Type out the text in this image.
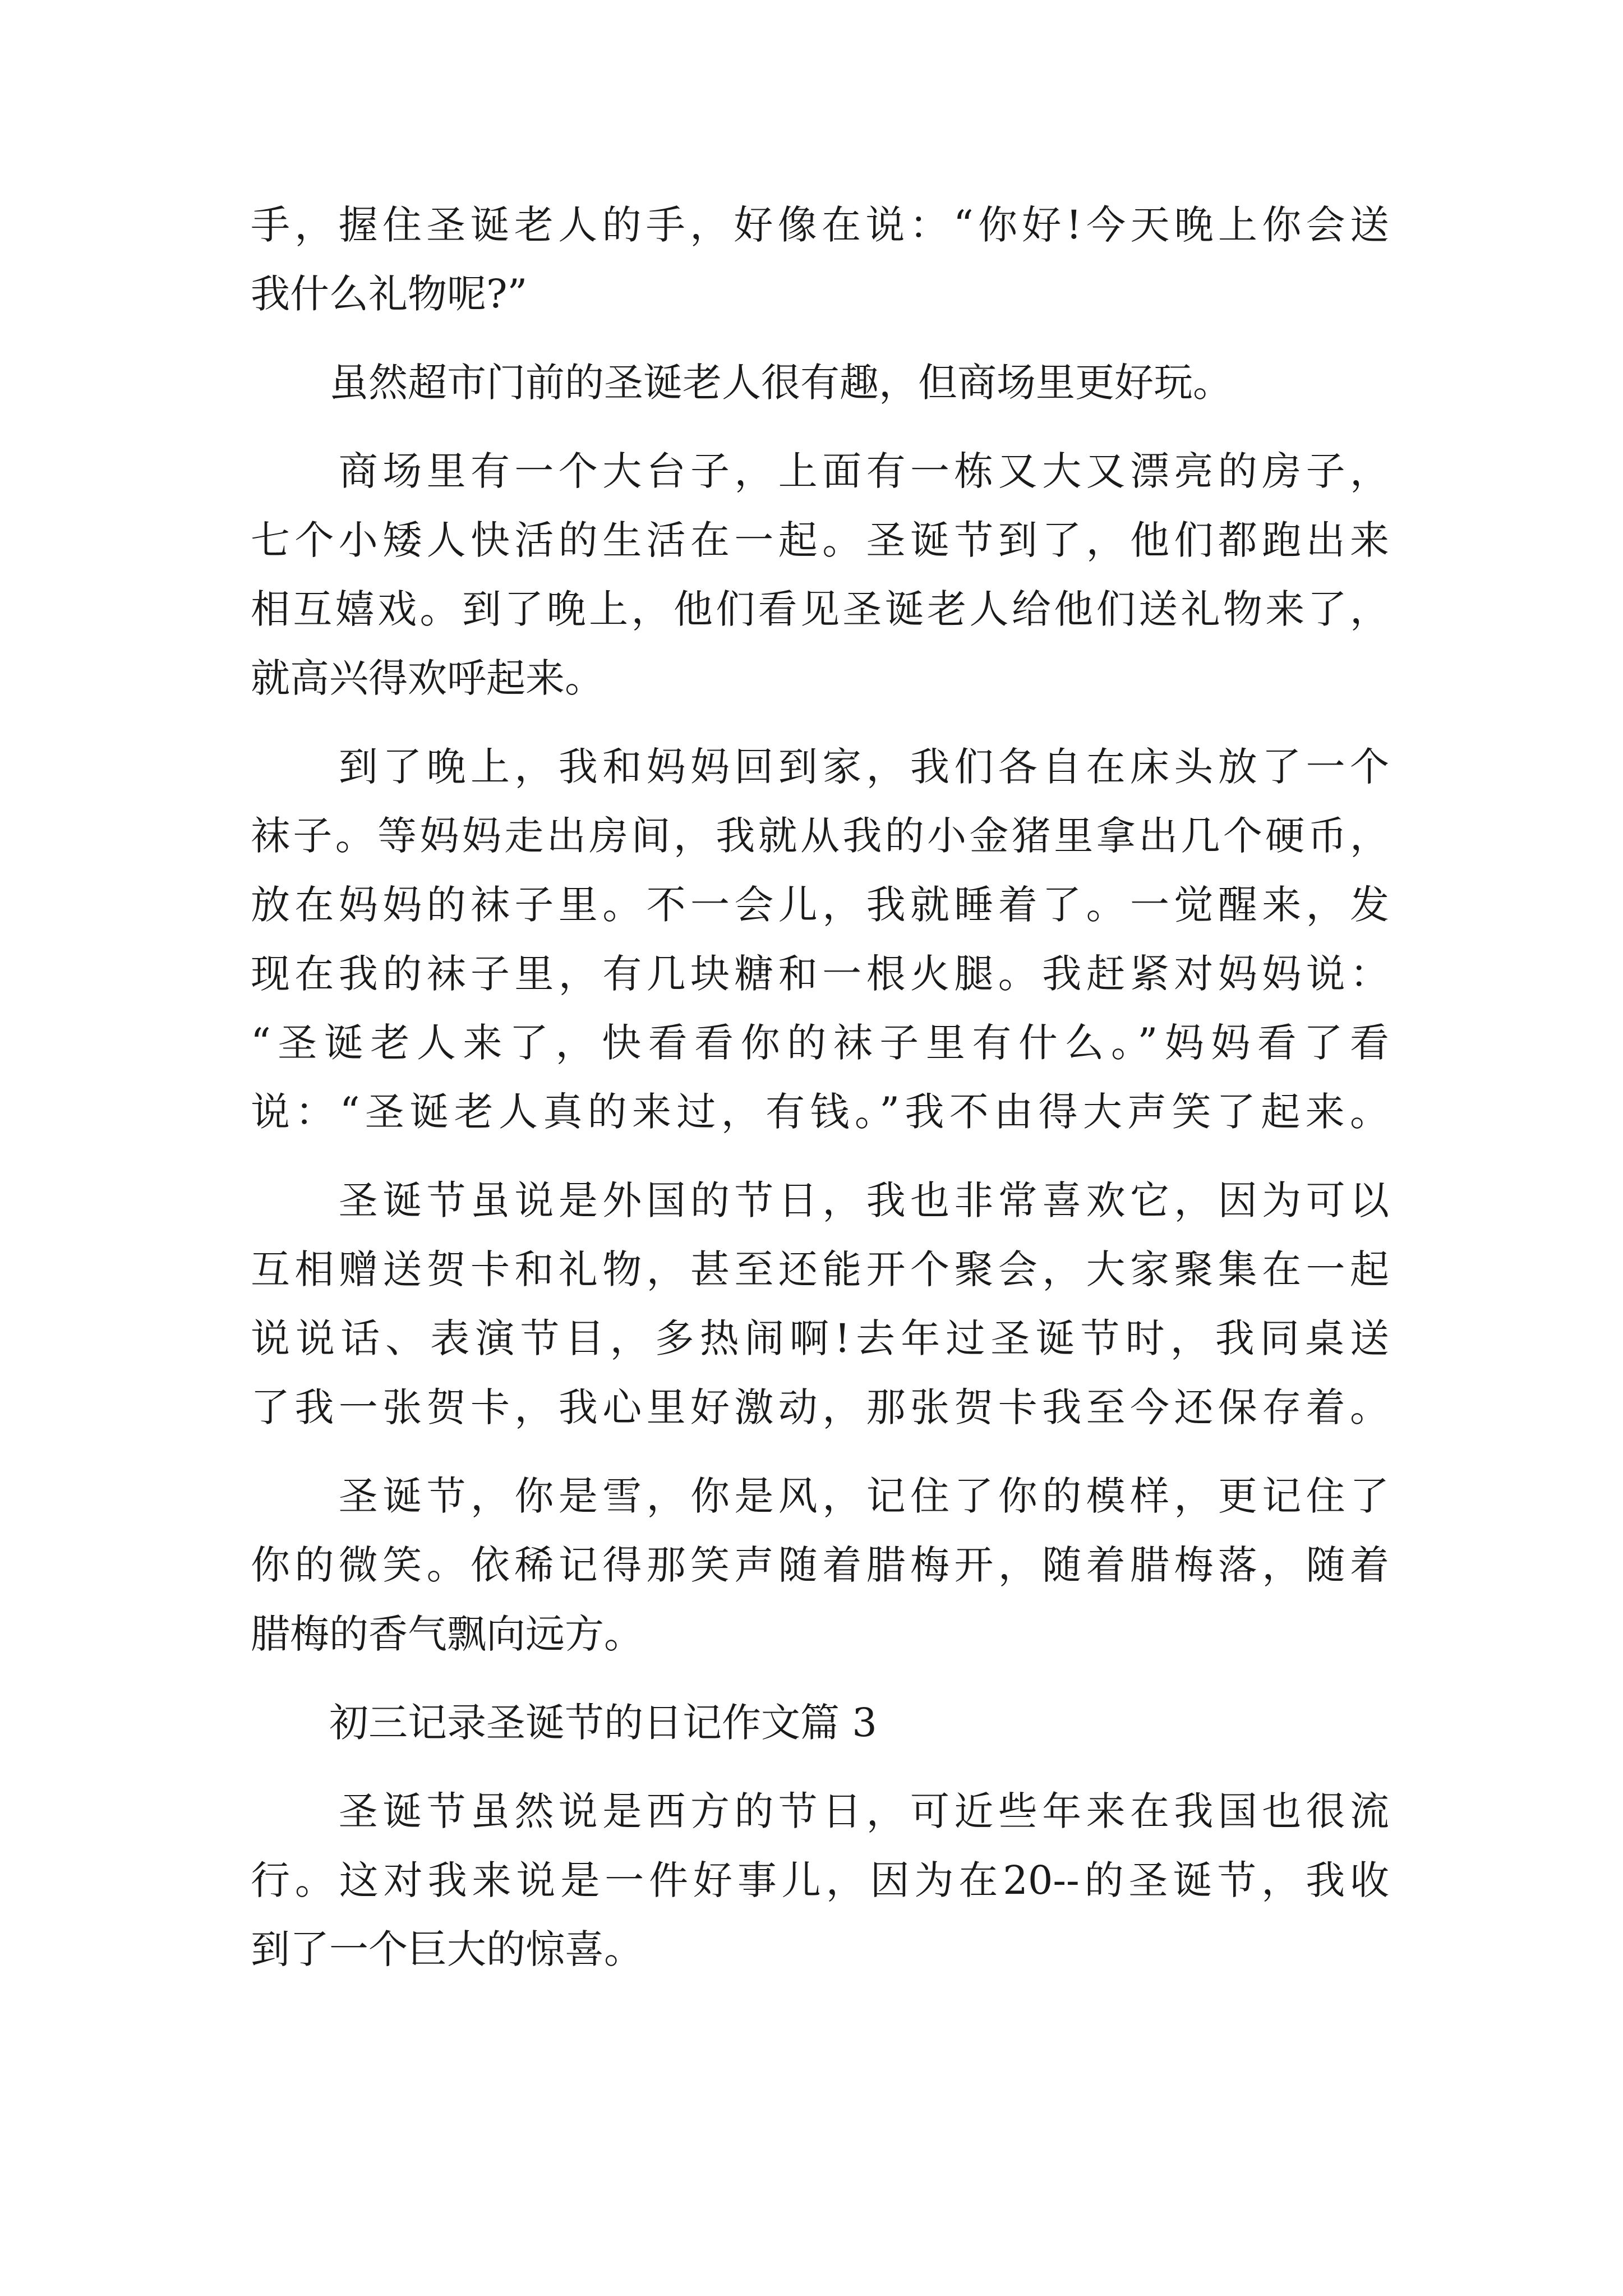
手，握住圣诞老人的手，好像在说：“你好!今天晚上你会送
我什么礼物呢?”
　　虽然超市门前的圣诞老人很有趣，但商场里更好玩。
　　商场里有一个大台子，上面有一栋又大又漂亮的房子，
七个小矮人快活的生活在一起。圣诞节到了，他们都跑出来
相互嬉戏。到了晚上，他们看见圣诞老人给他们送礼物来了，
就高兴得欢呼起来。
　　到了晚上，我和妈妈回到家，我们各自在床头放了一个
袜子。等妈妈走出房间，我就从我的小金猪里拿出几个硬币，
放在妈妈的袜子里。不一会儿，我就睡着了。一觉醒来，发
现在我的袜子里，有几块糖和一根火腿。我赶紧对妈妈说：
“圣诞老人来了，快看看你的袜子里有什么。”妈妈看了看
说：“圣诞老人真的来过，有钱。”我不由得大声笑了起来。
　　圣诞节虽说是外国的节日，我也非常喜欢它，因为可以
互相赠送贺卡和礼物，甚至还能开个聚会，大家聚集在一起
说说话、表演节目，多热闹啊!去年过圣诞节时，我同桌送
了我一张贺卡，我心里好激动，那张贺卡我至今还保存着。
　　圣诞节，你是雪，你是风，记住了你的模样，更记住了
你的微笑。依稀记得那笑声随着腊梅开，随着腊梅落，随着
腊梅的香气飘向远方。
　　初三记录圣诞节的日记作文篇 3
　　圣诞节虽然说是西方的节日，可近些年来在我国也很流
行。这对我来说是一件好事儿，因为在20--的圣诞节，我收
到了一个巨大的惊喜。
